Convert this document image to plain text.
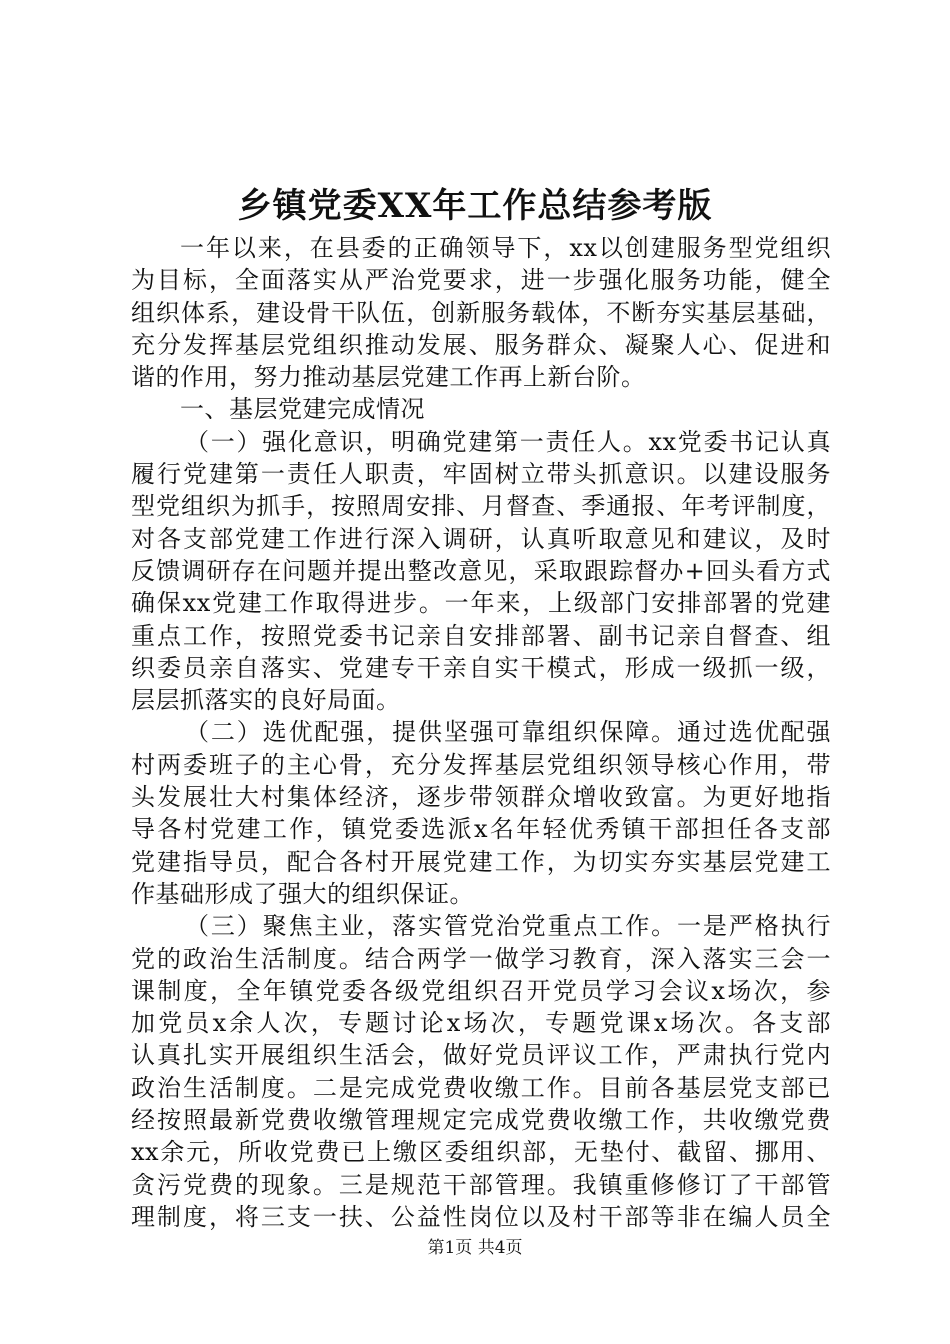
乡镇党委XX年工作总结参考版
一年以来，在县委的正确领导下，xx以创建服务型党组织
为目标，全面落实从严治党要求，进一步强化服务功能，健全
组织体系，建设骨干队伍，创新服务载体，不断夯实基层基础，
充分发挥基层党组织推动发展、服务群众、凝聚人心、促进和
谐的作用，努力推动基层党建工作再上新台阶。
一、基层党建完成情况
（一）强化意识，明确党建第一责任人。xx党委书记认真
履行党建第一责任人职责，牢固树立带头抓意识。以建设服务
型党组织为抓手，按照周安排、月督查、季通报、年考评制度，
对各支部党建工作进行深入调研，认真听取意见和建议，及时
反馈调研存在问题并提出整改意见，采取跟踪督办+回头看方式
确保xx党建工作取得进步。一年来，上级部门安排部署的党建
重点工作，按照党委书记亲自安排部署、副书记亲自督查、组
织委员亲自落实、党建专干亲自实干模式，形成一级抓一级，
层层抓落实的良好局面。
（二）选优配强，提供坚强可靠组织保障。通过选优配强
村两委班子的主心骨，充分发挥基层党组织领导核心作用，带
头发展壮大村集体经济，逐步带领群众增收致富。为更好地指
导各村党建工作，镇党委选派x名年轻优秀镇干部担任各支部
党建指导员，配合各村开展党建工作，为切实夯实基层党建工
作基础形成了强大的组织保证。
（三）聚焦主业，落实管党治党重点工作。一是严格执行
党的政治生活制度。结合两学一做学习教育，深入落实三会一
课制度，全年镇党委各级党组织召开党员学习会议x场次，参
加党员x余人次，专题讨论x场次，专题党课x场次。各支部
认真扎实开展组织生活会，做好党员评议工作，严肃执行党内
政治生活制度。二是完成党费收缴工作。目前各基层党支部已
经按照最新党费收缴管理规定完成党费收缴工作，共收缴党费
xx余元，所收党费已上缴区委组织部，无垫付、截留、挪用、
贪污党费的现象。三是规范干部管理。我镇重修修订了干部管
理制度，将三支一扶、公益性岗位以及村干部等非在编人员全
第1页 共4页
